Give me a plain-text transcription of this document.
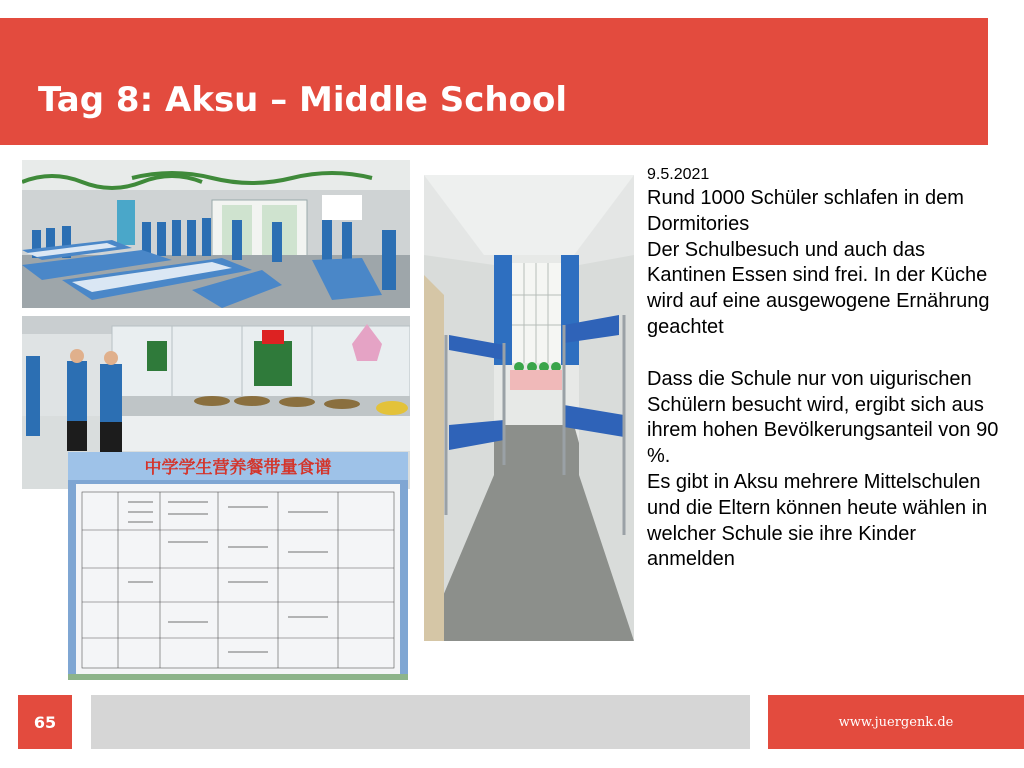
Tag 8: Aksu – Middle School
中学学生营养餐带量食谱
9.5.2021
Rund 1000 Schüler schlafen in dem Dormitories
Der Schulbesuch und auch das Kantinen Essen sind frei. In der Küche wird auf eine ausgewogene Ernährung geachtet
Dass die Schule nur von uigurischen Schülern besucht wird, ergibt sich aus ihrem hohen Bevölkerungsanteil von 90 %.
Es gibt in Aksu mehrere Mittelschulen und die Eltern können heute wählen in welcher Schule sie ihre Kinder anmelden
65	www.juergenk.de
